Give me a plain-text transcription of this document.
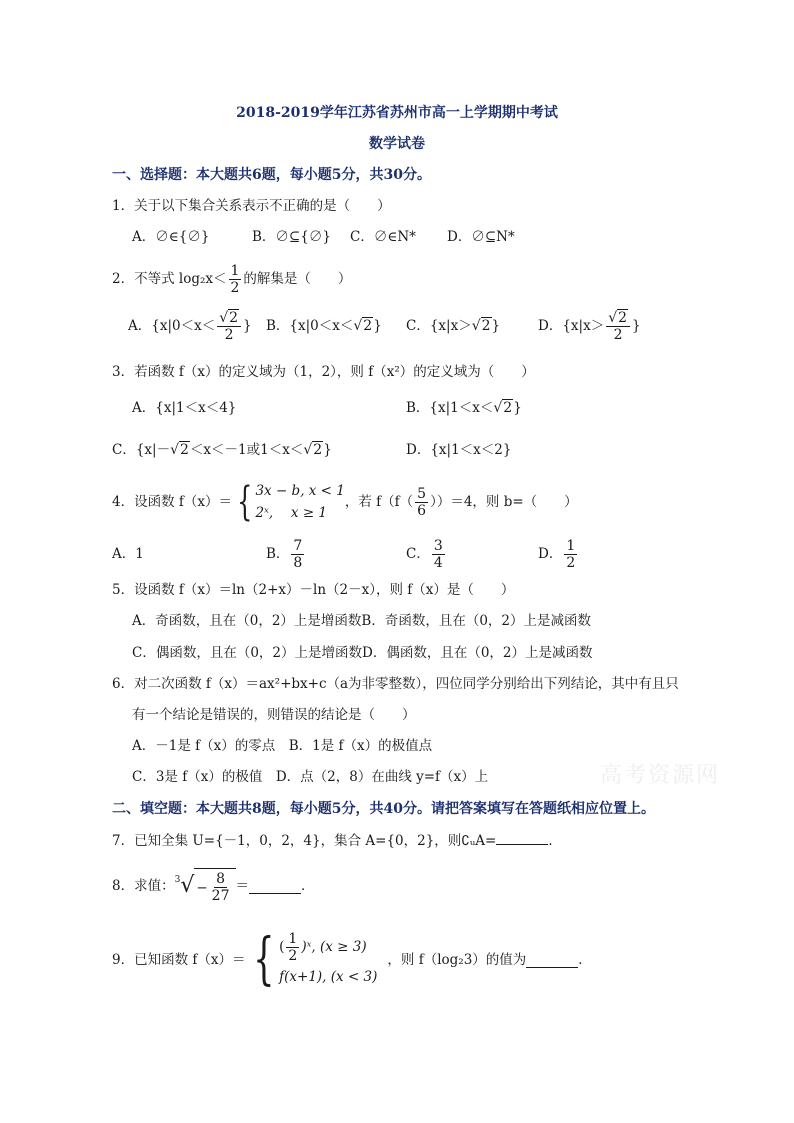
2018-2019学年江苏省苏州市高一上学期期中考试
数学试卷
一、选择题：本大题共6题，每小题5分，共30分。
1．关于以下集合关系表示不正确的是（　　）
A．∅∈{∅}	B．∅⊆{∅} C．∅∈N* D．∅⊆N*
2．不等式 $\log_2x< \frac{1}{2}$ 的解集是（　　）
A．{$x|0<x< \frac{√2}{2}$ } B．{x|0＜x＜√2} C．{x|x＞√2}	D．{$x|x> \frac{√2}{2}$ }
3．若函数 f（x）的定义域为（1，2），则 f（x²）的定义域为（　　）
A．{x|1＜x＜4}	B．{x|1＜x＜√2}
C．{x|－√2＜x＜－1或1＜x＜√2}	D．{x|1＜x＜2}
4．设函数 f（x）＝ { 3x − b, x < 1
2ˣ,　 x ≥ 1
，若 $f(f( \frac{5}{6} ))=4$，则 b=（　　）
A．1	B． $\frac{7}{8}$	C． $\frac{3}{4}$	D． $\frac{1}{2}$
5．设函数 f（x）＝ln（2+x）－ln（2－x），则 f（x）是（　　）
A．奇函数，且在（0，2）上是增函数B．奇函数，且在（0，2）上是减函数
C．偶函数，且在（0，2）上是增函数D．偶函数，且在（0，2）上是减函数
6．对二次函数 f（x）＝ax²+bx+c（a为非零整数），四位同学分别给出下列结论，其中有且只
有一个结论是错误的，则错误的结论是（　　）
A．－1是 f（x）的零点　B．1是 f（x）的极值点
C．3是 f（x）的极值　D．点（2，8）在曲线 y=f（x）上	高考资源网
二、填空题：本大题共8题，每小题5分，共40分。请把答案填写在答题纸相应位置上。
7．已知全集 U={－1，0，2，4}，集合 A={0，2}，则∁ᵤA=	．
8．求值： 3 √ − $\frac{8}{27}$ ＝	．
9．已知函数 f（x）＝ { ( $\frac{1}{2}$ )ˣ, (x ≥ 3)
f(x+1), (x < 3)
，则 f（log₂3）的值为	．
